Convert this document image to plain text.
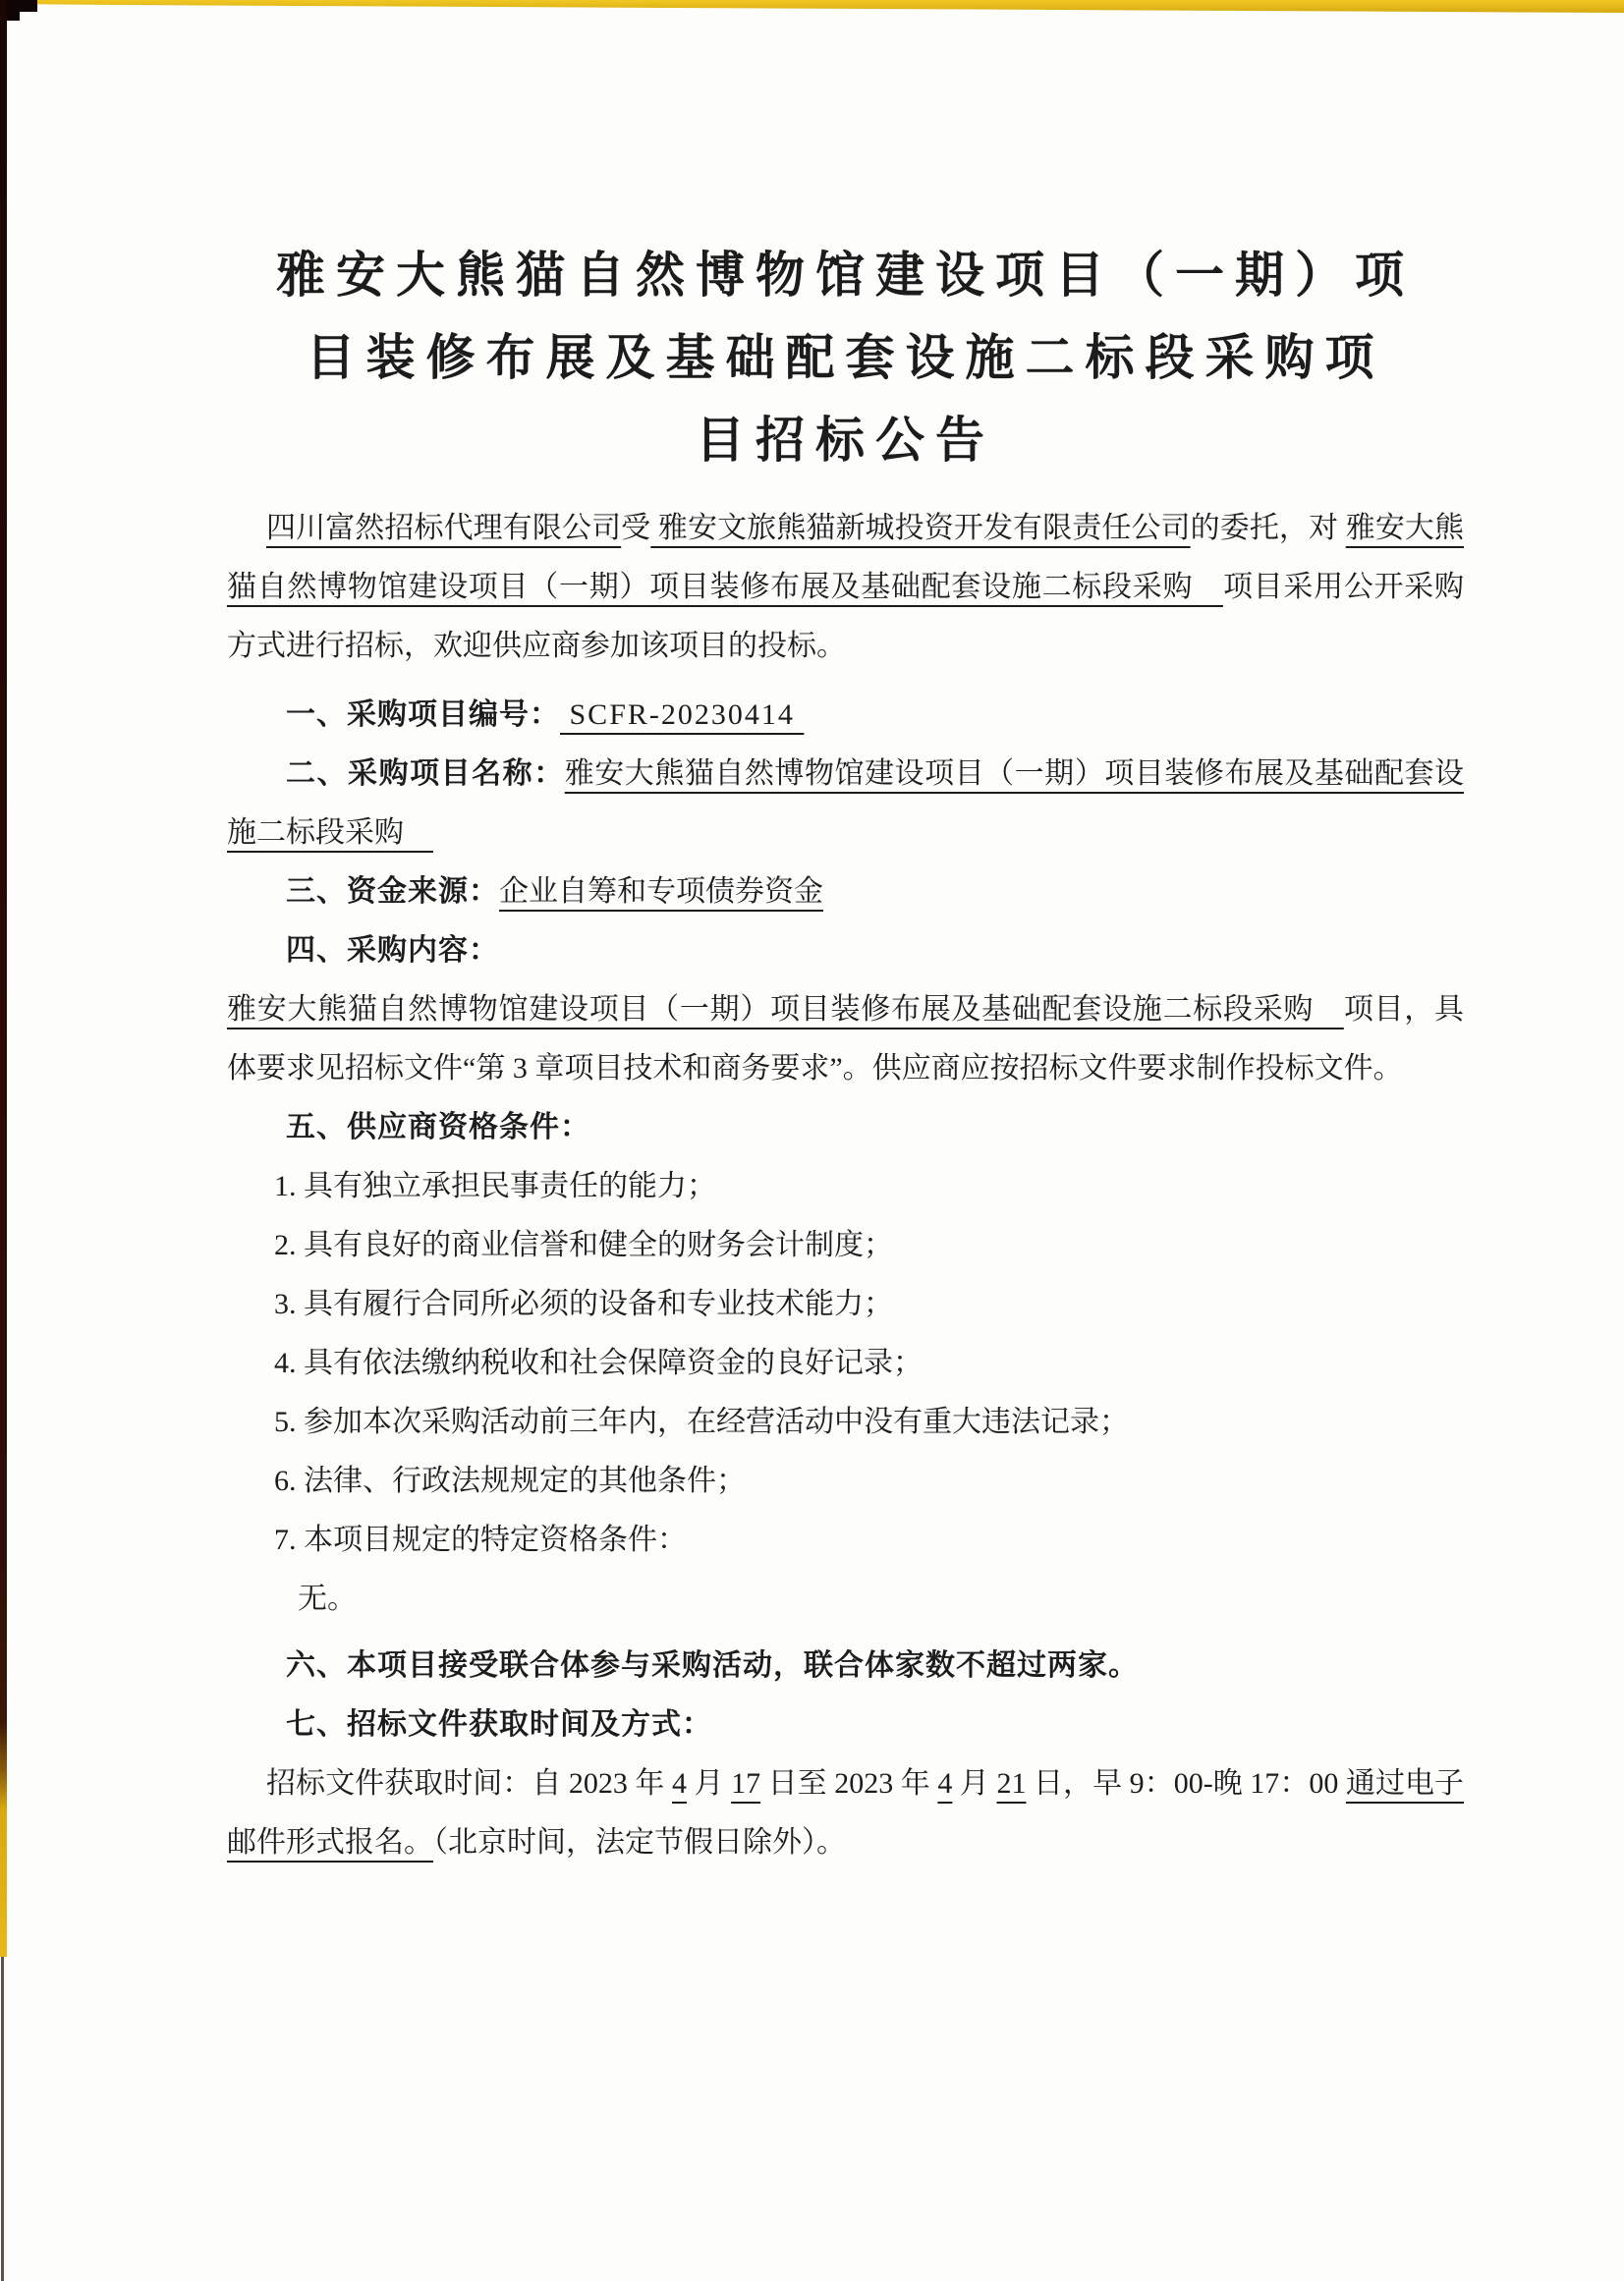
雅安大熊猫自然博物馆建设项目（一期）项
目装修布展及基础配套设施二标段采购项
目招标公告

四川富然招标代理有限公司受 雅安文旅熊猫新城投资开发有限责任公司的委托，对 雅安大熊猫自然博物馆建设项目（一期）项目装修布展及基础配套设施二标段采购　项目采用公开采购方式进行招标，欢迎供应商参加该项目的投标。

一、采购项目编号： SCFR-20230414

二、采购项目名称：雅安大熊猫自然博物馆建设项目（一期）项目装修布展及基础配套设施二标段采购　

三、资金来源：企业自筹和专项债券资金

四、采购内容：

雅安大熊猫自然博物馆建设项目（一期）项目装修布展及基础配套设施二标段采购　项目，具体要求见招标文件“第 3 章项目技术和商务要求”。供应商应按招标文件要求制作投标文件。

五、供应商资格条件：

1. 具有独立承担民事责任的能力；

2. 具有良好的商业信誉和健全的财务会计制度；

3. 具有履行合同所必须的设备和专业技术能力；

4. 具有依法缴纳税收和社会保障资金的良好记录；

5. 参加本次采购活动前三年内，在经营活动中没有重大违法记录；

6. 法律、行政法规规定的其他条件；

7. 本项目规定的特定资格条件：

无。

六、本项目接受联合体参与采购活动，联合体家数不超过两家。

七、招标文件获取时间及方式：

招标文件获取时间：自 2023 年 4 月 17 日至 2023 年 4 月 21 日，早 9：00-晚 17：00 通过电子邮件形式报名。（北京时间，法定节假日除外）。
